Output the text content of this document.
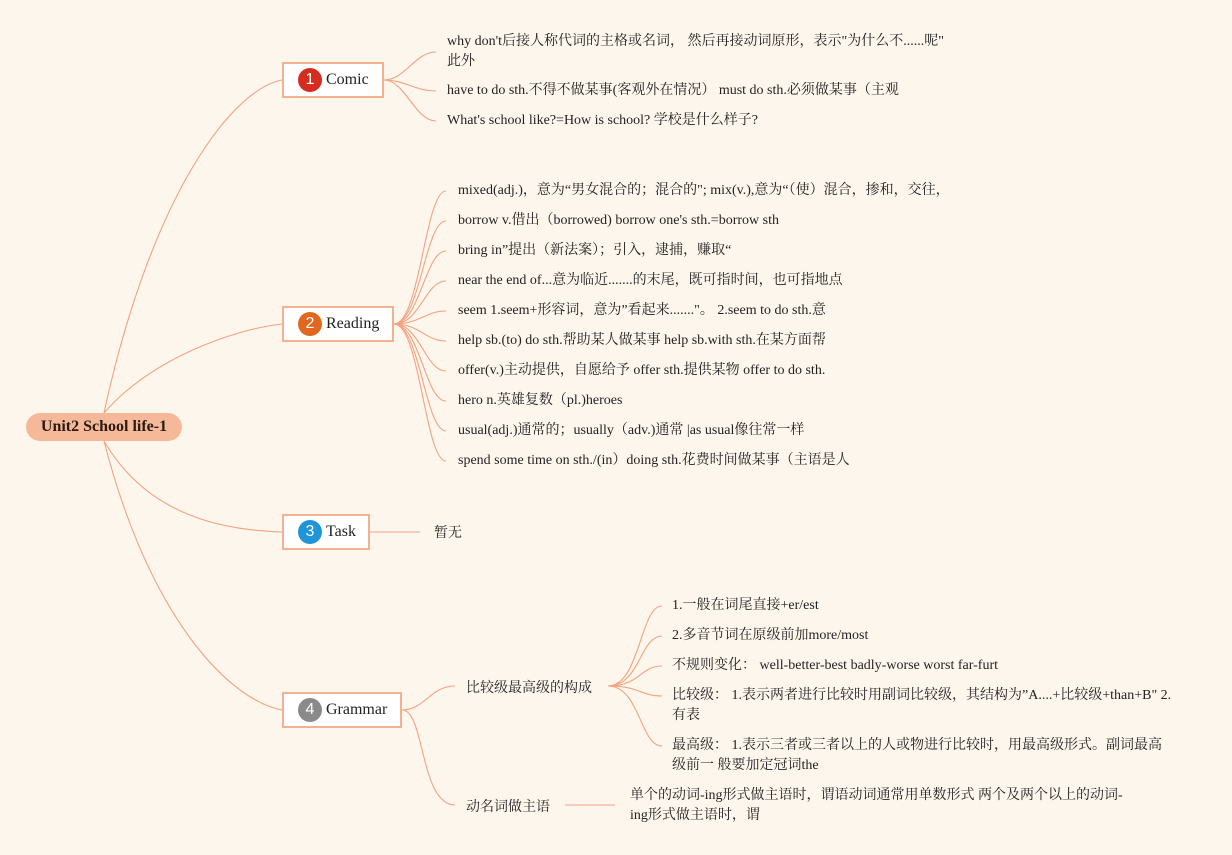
Unit2 School life-1
1 Comic
why don't后接人称代词的主格或名词， 然后再接动词原形，表示"为什么不......呢" 此外
have to do sth.不得不做某事(客观外在情况） must do sth.必须做某事（主观
What's school like?=How is school? 学校是什么样子?
2 Reading
mixed(adj.)，意为“男女混合的；混合的"; mix(v.),意为“（使）混合，掺和，交往，
borrow v.借出（borrowed) borrow one's sth.=borrow sth
bring in”提出（新法案）；引入，逮捕，赚取“
near the end of...意为临近.......的末尾，既可指时间，也可指地点
seem 1.seem+形容词，意为”看起来......."。 2.seem to do sth.意
help sb.(to) do sth.帮助某人做某事 help sb.with sth.在某方面帮
offer(v.)主动提供，自愿给予 offer sth.提供某物 offer to do sth.
hero n.英雄复数（pl.)heroes
usual(adj.)通常的；usually（adv.)通常 |as usual像往常一样
spend some time on sth./(in）doing sth.花费时间做某事（主语是人
3 Task	暂无
4 Grammar
比较级最高级的构成
动名词做主语
1.一般在词尾直接+er/est
2.多音节词在原级前加more/most
不规则变化： well-better-best badly-worse worst far-furt
比较级： 1.表示两者进行比较时用副词比较级，其结构为”A....+比较级+than+B" 2.有表
最高级： 1.表示三者或三者以上的人或物进行比较时，用最高级形式。副词最高级前一 般要加定冠词the
单个的动词-ing形式做主语时，谓语动词通常用单数形式 两个及两个以上的动词-ing形式做主语时，谓
